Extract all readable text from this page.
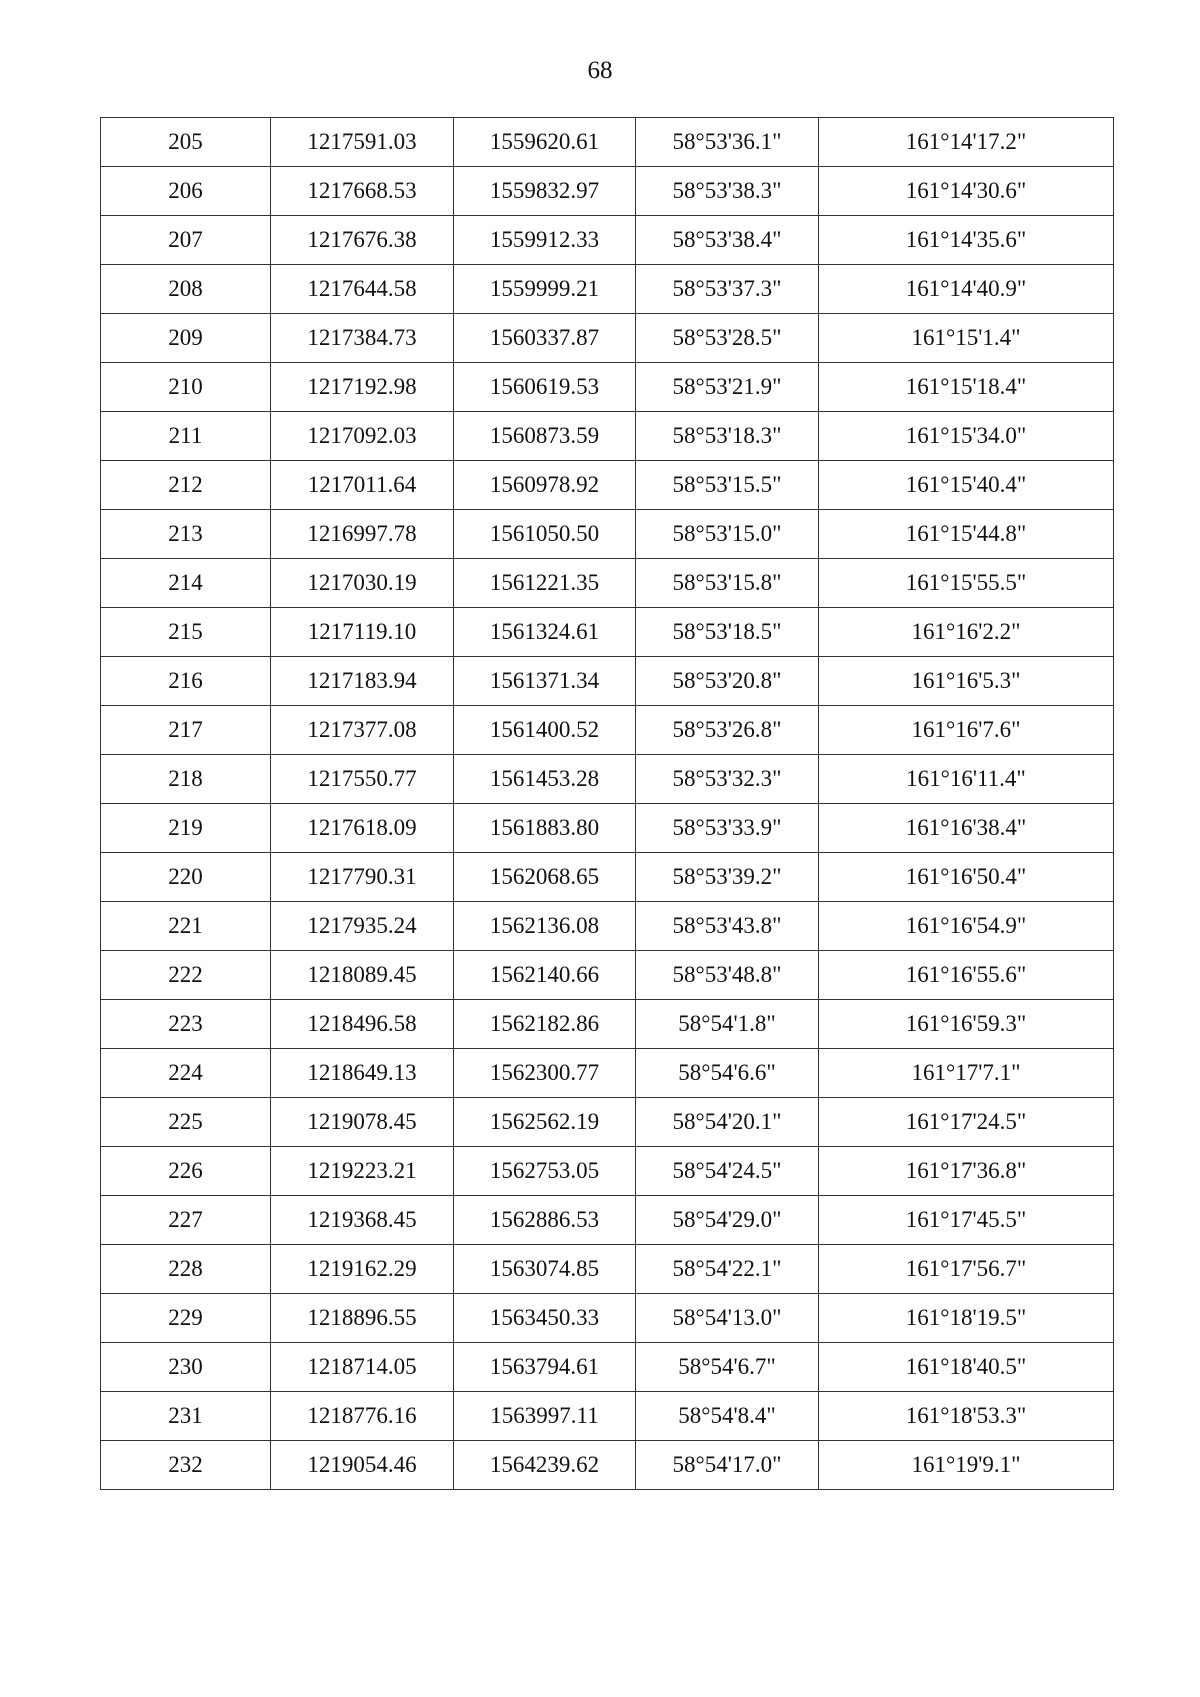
68
205	1217591.03	1559620.61	58°53'36.1"	161°14'17.2"
206	1217668.53	1559832.97	58°53'38.3"	161°14'30.6"
207	1217676.38	1559912.33	58°53'38.4"	161°14'35.6"
208	1217644.58	1559999.21	58°53'37.3"	161°14'40.9"
209	1217384.73	1560337.87	58°53'28.5"	161°15'1.4"
210	1217192.98	1560619.53	58°53'21.9"	161°15'18.4"
211	1217092.03	1560873.59	58°53'18.3"	161°15'34.0"
212	1217011.64	1560978.92	58°53'15.5"	161°15'40.4"
213	1216997.78	1561050.50	58°53'15.0"	161°15'44.8"
214	1217030.19	1561221.35	58°53'15.8"	161°15'55.5"
215	1217119.10	1561324.61	58°53'18.5"	161°16'2.2"
216	1217183.94	1561371.34	58°53'20.8"	161°16'5.3"
217	1217377.08	1561400.52	58°53'26.8"	161°16'7.6"
218	1217550.77	1561453.28	58°53'32.3"	161°16'11.4"
219	1217618.09	1561883.80	58°53'33.9"	161°16'38.4"
220	1217790.31	1562068.65	58°53'39.2"	161°16'50.4"
221	1217935.24	1562136.08	58°53'43.8"	161°16'54.9"
222	1218089.45	1562140.66	58°53'48.8"	161°16'55.6"
223	1218496.58	1562182.86	58°54'1.8"	161°16'59.3"
224	1218649.13	1562300.77	58°54'6.6"	161°17'7.1"
225	1219078.45	1562562.19	58°54'20.1"	161°17'24.5"
226	1219223.21	1562753.05	58°54'24.5"	161°17'36.8"
227	1219368.45	1562886.53	58°54'29.0"	161°17'45.5"
228	1219162.29	1563074.85	58°54'22.1"	161°17'56.7"
229	1218896.55	1563450.33	58°54'13.0"	161°18'19.5"
230	1218714.05	1563794.61	58°54'6.7"	161°18'40.5"
231	1218776.16	1563997.11	58°54'8.4"	161°18'53.3"
232	1219054.46	1564239.62	58°54'17.0"	161°19'9.1"
